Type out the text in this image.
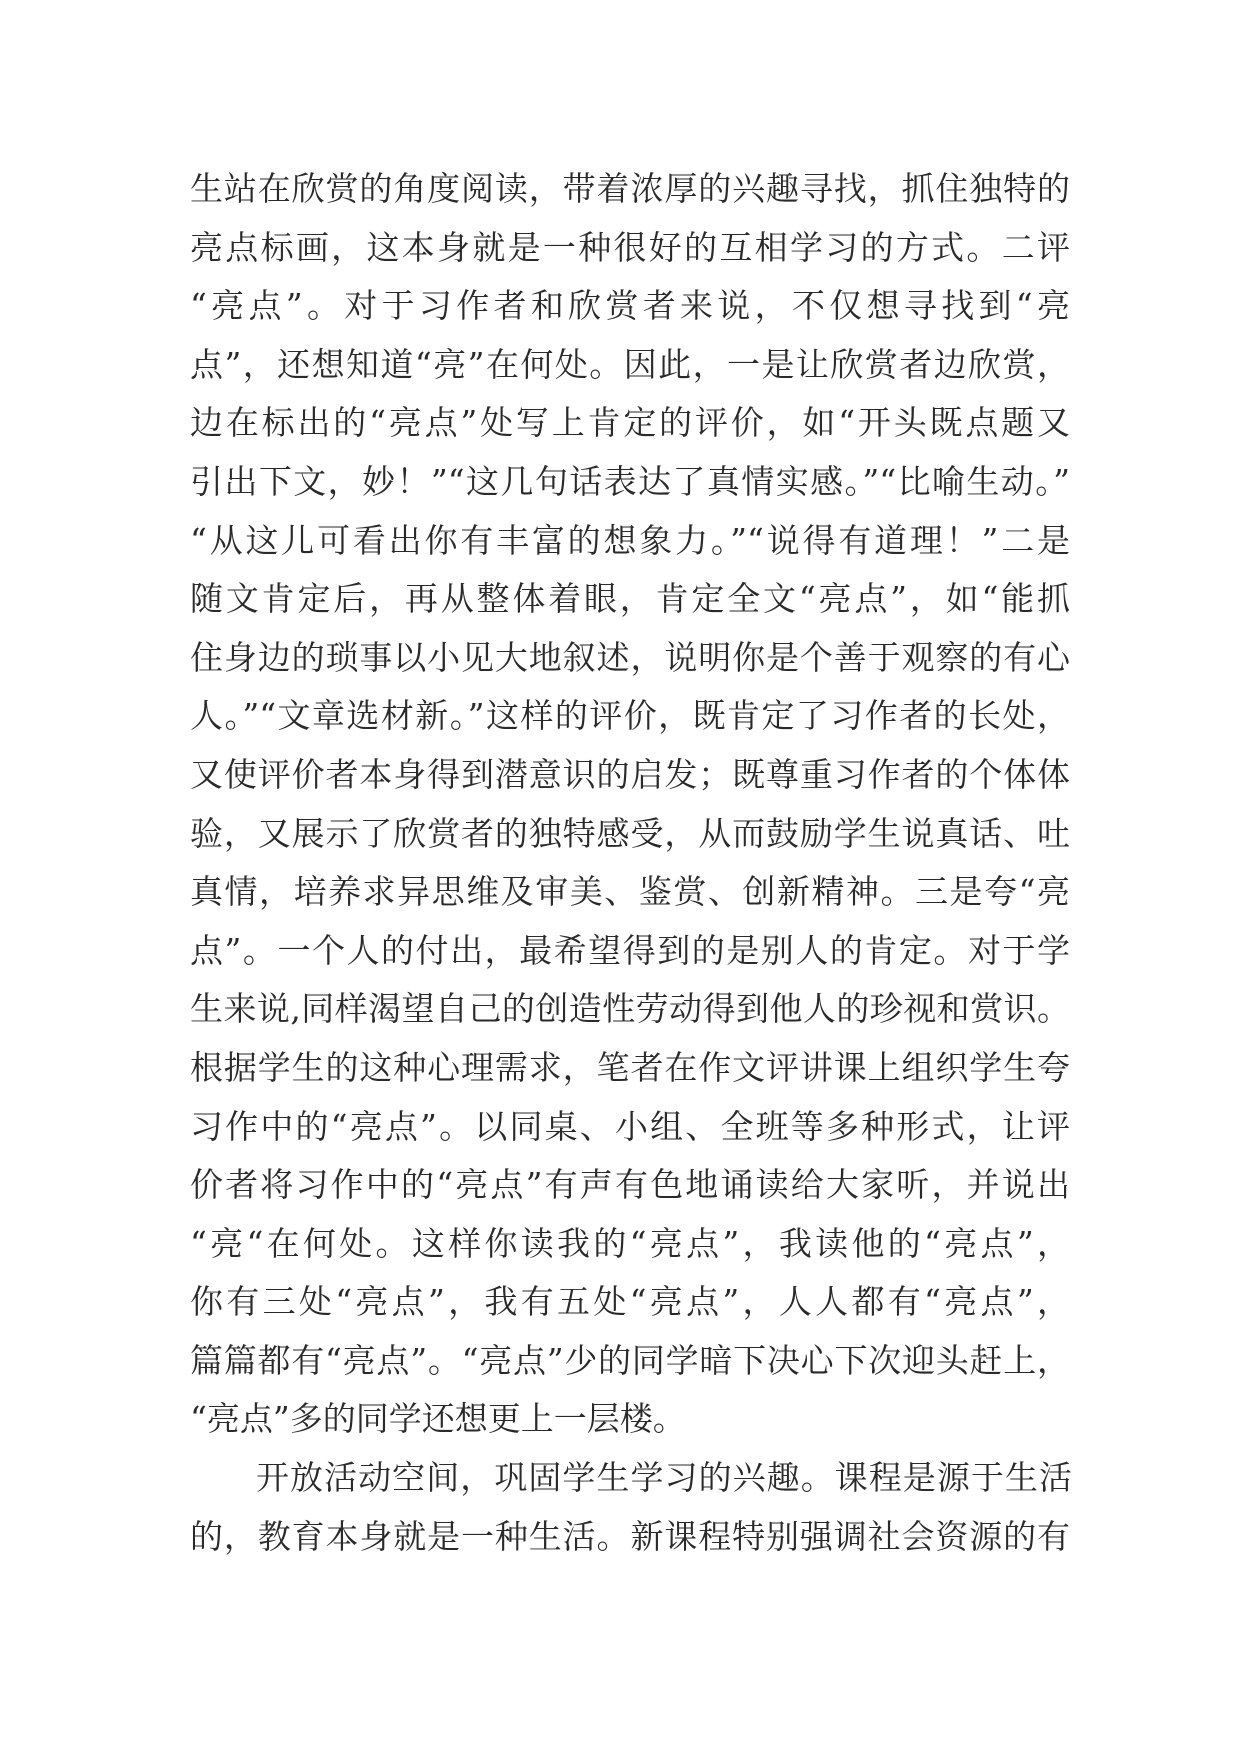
生站在欣赏的角度阅读，带着浓厚的兴趣寻找，抓住独特的
亮点标画，这本身就是一种很好的互相学习的方式。二评
“亮点”。对于习作者和欣赏者来说，不仅想寻找到“亮
点”，还想知道“亮”在何处。因此，一是让欣赏者边欣赏，
边在标出的“亮点”处写上肯定的评价，如“开头既点题又
引出下文，妙！”“这几句话表达了真情实感。”“比喻生动。”
“从这儿可看出你有丰富的想象力。”“说得有道理！”二是
随文肯定后，再从整体着眼，肯定全文“亮点”，如“能抓
住身边的琐事以小见大地叙述，说明你是个善于观察的有心
人。”“文章选材新。”这样的评价，既肯定了习作者的长处，
又使评价者本身得到潜意识的启发；既尊重习作者的个体体
验，又展示了欣赏者的独特感受，从而鼓励学生说真话、吐
真情，培养求异思维及审美、鉴赏、创新精神。三是夸“亮
点”。一个人的付出，最希望得到的是别人的肯定。对于学
生来说,同样渴望自己的创造性劳动得到他人的珍视和赏识。
根据学生的这种心理需求，笔者在作文评讲课上组织学生夸
习作中的“亮点”。以同桌、小组、全班等多种形式，让评
价者将习作中的“亮点”有声有色地诵读给大家听，并说出
“亮“在何处。这样你读我的“亮点”，我读他的“亮点”，
你有三处“亮点”，我有五处“亮点”，人人都有“亮点”，
篇篇都有“亮点”。“亮点”少的同学暗下决心下次迎头赶上，
“亮点”多的同学还想更上一层楼。
开放活动空间，巩固学生学习的兴趣。课程是源于生活
的，教育本身就是一种生活。新课程特别强调社会资源的有
